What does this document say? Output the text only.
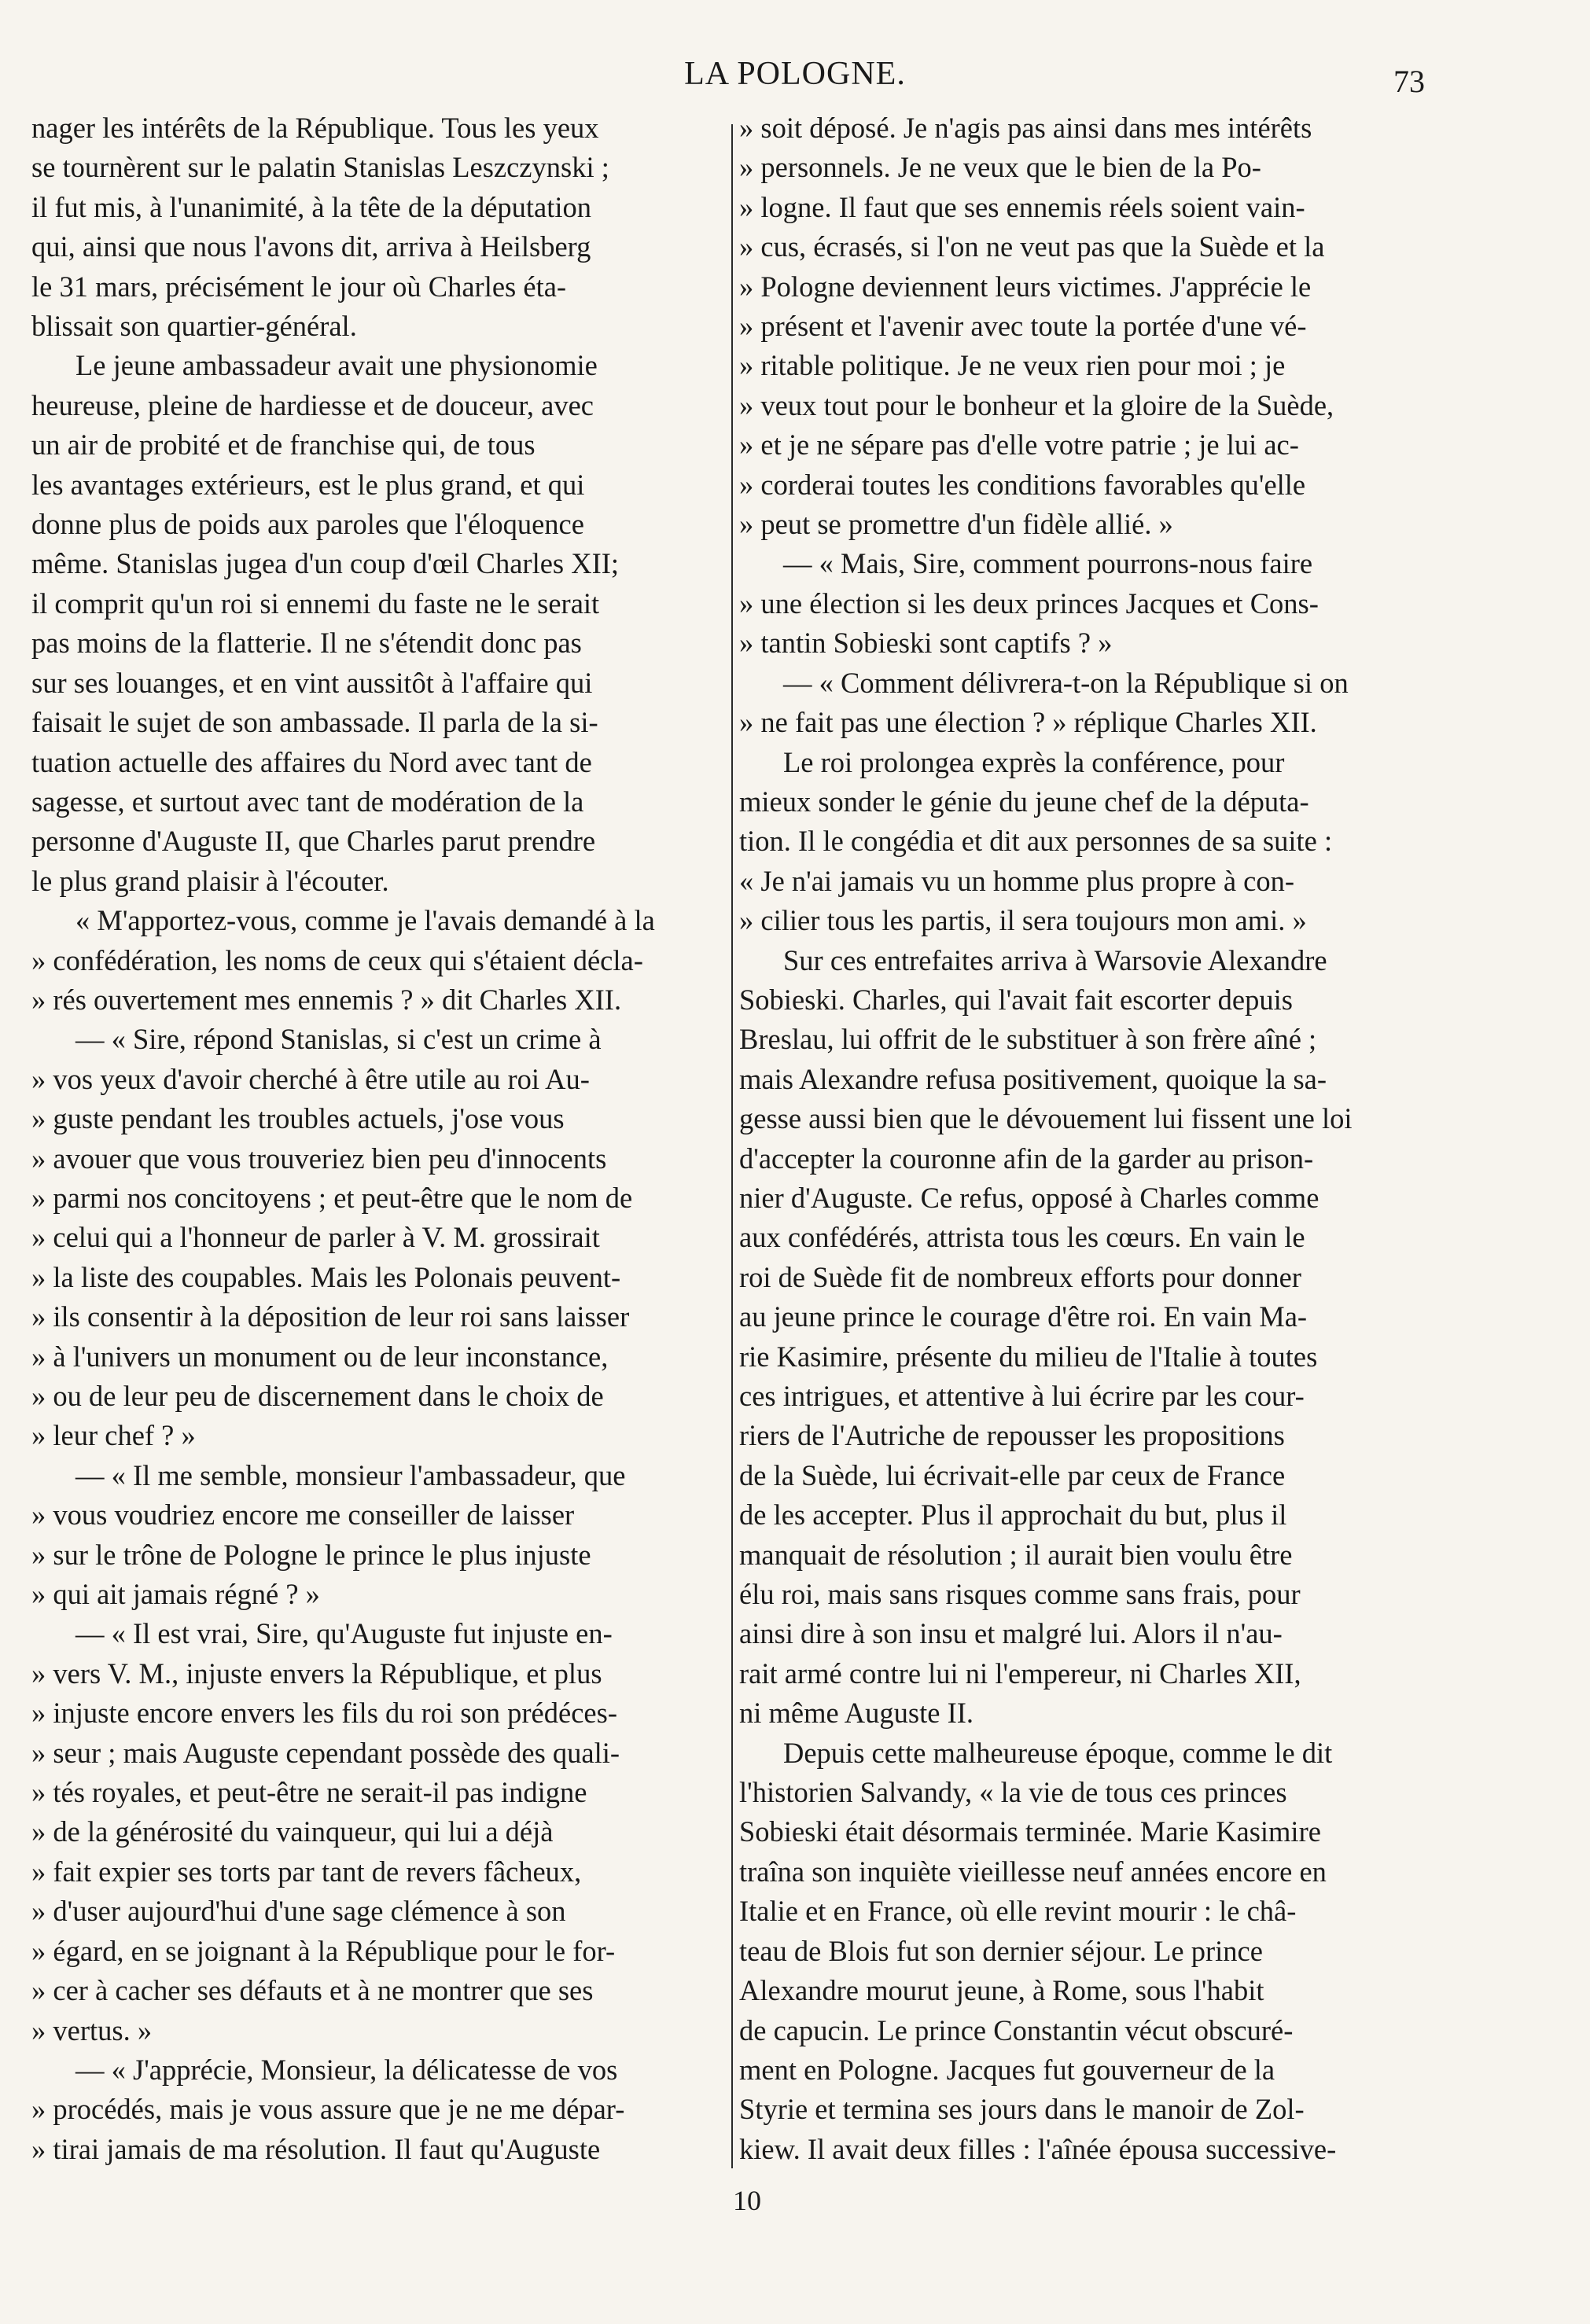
LA POLOGNE.	73

nager les intérêts de la République. Tous les yeux

se tournèrent sur le palatin Stanislas Leszczynski ;

il fut mis, à l'unanimité, à la tête de la députation

qui, ainsi que nous l'avons dit, arriva à Heilsberg

le 31 mars, précisément le jour où Charles éta-

blissait son quartier-général.

Le jeune ambassadeur avait une physionomie

heureuse, pleine de hardiesse et de douceur, avec

un air de probité et de franchise qui, de tous

les avantages extérieurs, est le plus grand, et qui

donne plus de poids aux paroles que l'éloquence

même. Stanislas jugea d'un coup d'œil Charles XII;

il comprit qu'un roi si ennemi du faste ne le serait

pas moins de la flatterie. Il ne s'étendit donc pas

sur ses louanges, et en vint aussitôt à l'affaire qui

faisait le sujet de son ambassade. Il parla de la si-

tuation actuelle des affaires du Nord avec tant de

sagesse, et surtout avec tant de modération de la

personne d'Auguste II, que Charles parut prendre

le plus grand plaisir à l'écouter.

« M'apportez-vous, comme je l'avais demandé à la

» confédération, les noms de ceux qui s'étaient décla-

» rés ouvertement mes ennemis ? » dit Charles XII.

— « Sire, répond Stanislas, si c'est un crime à

» vos yeux d'avoir cherché à être utile au roi Au-

» guste pendant les troubles actuels, j'ose vous

» avouer que vous trouveriez bien peu d'innocents

» parmi nos concitoyens ; et peut-être que le nom de

» celui qui a l'honneur de parler à V. M. grossirait

» la liste des coupables. Mais les Polonais peuvent-

» ils consentir à la déposition de leur roi sans laisser

» à l'univers un monument ou de leur inconstance,

» ou de leur peu de discernement dans le choix de

» leur chef ? »

— « Il me semble, monsieur l'ambassadeur, que

» vous voudriez encore me conseiller de laisser

» sur le trône de Pologne le prince le plus injuste

» qui ait jamais régné ? »

— « Il est vrai, Sire, qu'Auguste fut injuste en-

» vers V. M., injuste envers la République, et plus

» injuste encore envers les fils du roi son prédéces-

» seur ; mais Auguste cependant possède des quali-

» tés royales, et peut-être ne serait-il pas indigne

» de la générosité du vainqueur, qui lui a déjà

» fait expier ses torts par tant de revers fâcheux,

» d'user aujourd'hui d'une sage clémence à son

» égard, en se joignant à la République pour le for-

» cer à cacher ses défauts et à ne montrer que ses

» vertus. »

— « J'apprécie, Monsieur, la délicatesse de vos

» procédés, mais je vous assure que je ne me dépar-

» tirai jamais de ma résolution. Il faut qu'Auguste

» soit déposé. Je n'agis pas ainsi dans mes intérêts

» personnels. Je ne veux que le bien de la Po-

» logne. Il faut que ses ennemis réels soient vain-

» cus, écrasés, si l'on ne veut pas que la Suède et la

» Pologne deviennent leurs victimes. J'apprécie le

» présent et l'avenir avec toute la portée d'une vé-

» ritable politique. Je ne veux rien pour moi ; je

» veux tout pour le bonheur et la gloire de la Suède,

» et je ne sépare pas d'elle votre patrie ; je lui ac-

» corderai toutes les conditions favorables qu'elle

» peut se promettre d'un fidèle allié. »

— « Mais, Sire, comment pourrons-nous faire

» une élection si les deux princes Jacques et Cons-

» tantin Sobieski sont captifs ? »

— « Comment délivrera-t-on la République si on

» ne fait pas une élection ? » réplique Charles XII.

Le roi prolongea exprès la conférence, pour

mieux sonder le génie du jeune chef de la députa-

tion. Il le congédia et dit aux personnes de sa suite :

« Je n'ai jamais vu un homme plus propre à con-

» cilier tous les partis, il sera toujours mon ami. »

Sur ces entrefaites arriva à Warsovie Alexandre

Sobieski. Charles, qui l'avait fait escorter depuis

Breslau, lui offrit de le substituer à son frère aîné ;

mais Alexandre refusa positivement, quoique la sa-

gesse aussi bien que le dévouement lui fissent une loi

d'accepter la couronne afin de la garder au prison-

nier d'Auguste. Ce refus, opposé à Charles comme

aux confédérés, attrista tous les cœurs. En vain le

roi de Suède fit de nombreux efforts pour donner

au jeune prince le courage d'être roi. En vain Ma-

rie Kasimire, présente du milieu de l'Italie à toutes

ces intrigues, et attentive à lui écrire par les cour-

riers de l'Autriche de repousser les propositions

de la Suède, lui écrivait-elle par ceux de France

de les accepter. Plus il approchait du but, plus il

manquait de résolution ; il aurait bien voulu être

élu roi, mais sans risques comme sans frais, pour

ainsi dire à son insu et malgré lui. Alors il n'au-

rait armé contre lui ni l'empereur, ni Charles XII,

ni même Auguste II.

Depuis cette malheureuse époque, comme le dit

l'historien Salvandy, « la vie de tous ces princes

Sobieski était désormais terminée. Marie Kasimire

traîna son inquiète vieillesse neuf années encore en

Italie et en France, où elle revint mourir : le châ-

teau de Blois fut son dernier séjour. Le prince

Alexandre mourut jeune, à Rome, sous l'habit

de capucin. Le prince Constantin vécut obscuré-

ment en Pologne. Jacques fut gouverneur de la

Styrie et termina ses jours dans le manoir de Zol-

kiew. Il avait deux filles : l'aînée épousa successive-

10
